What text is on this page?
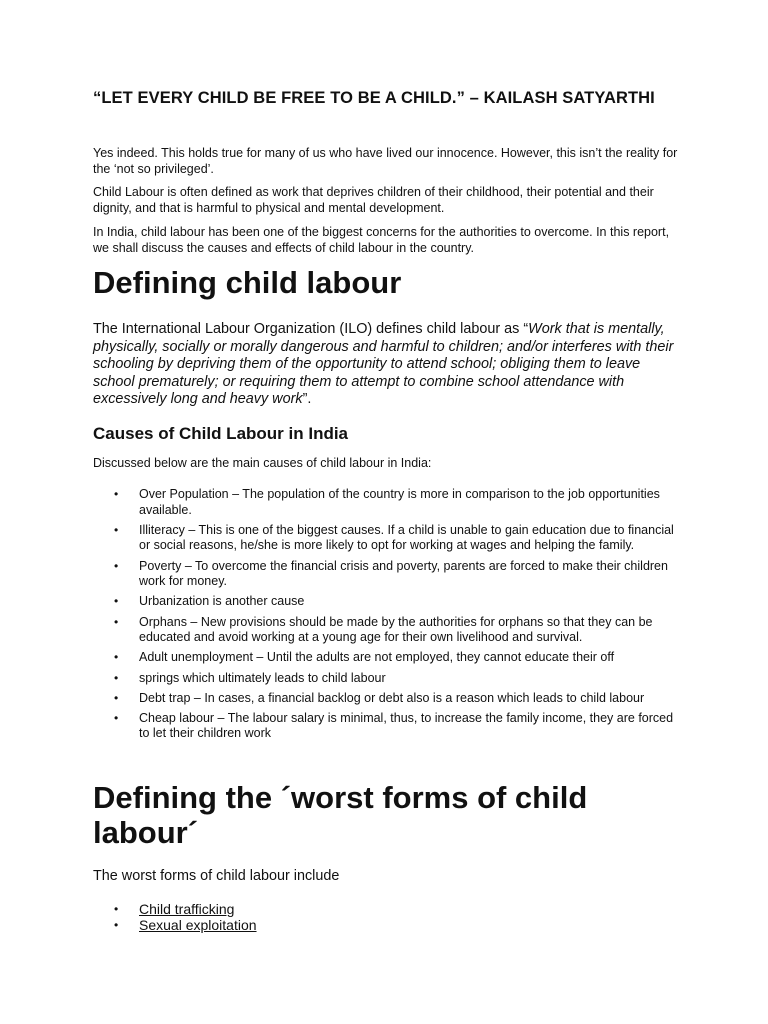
“LET EVERY CHILD BE FREE TO BE A CHILD.” – KAILASH SATYARTHI

Yes indeed. This holds true for many of us who have lived our innocence. However, this isn’t the reality for the ‘not so privileged’.

Child Labour is often defined as work that deprives children of their childhood, their potential and their dignity, and that is harmful to physical and mental development.

In India, child labour has been one of the biggest concerns for the authorities to overcome. In this report, we shall discuss the causes and effects of child labour in the country.

Defining child labour

The International Labour Organization (ILO) defines child labour as “Work that is mentally, physically, socially or morally dangerous and harmful to children; and/or interferes with their schooling by depriving them of the opportunity to attend school; obliging them to leave school prematurely; or requiring them to attempt to combine school attendance with excessively long and heavy work”.

Causes of Child Labour in India

Discussed below are the main causes of child labour in India:

• Over Population – The population of the country is more in comparison to the job opportunities available.
• Illiteracy – This is one of the biggest causes. If a child is unable to gain education due to financial or social reasons, he/she is more likely to opt for working at wages and helping the family.
• Poverty – To overcome the financial crisis and poverty, parents are forced to make their children work for money.
• Urbanization is another cause
• Orphans – New provisions should be made by the authorities for orphans so that they can be educated and avoid working at a young age for their own livelihood and survival.
• Adult unemployment – Until the adults are not employed, they cannot educate their off
• springs which ultimately leads to child labour
• Debt trap – In cases, a financial backlog or debt also is a reason which leads to child labour
• Cheap labour – The labour salary is minimal, thus, to increase the family income, they are forced to let their children work
Defining the ´worst forms of child labour´

The worst forms of child labour include

• Child trafficking
• Sexual exploitation
